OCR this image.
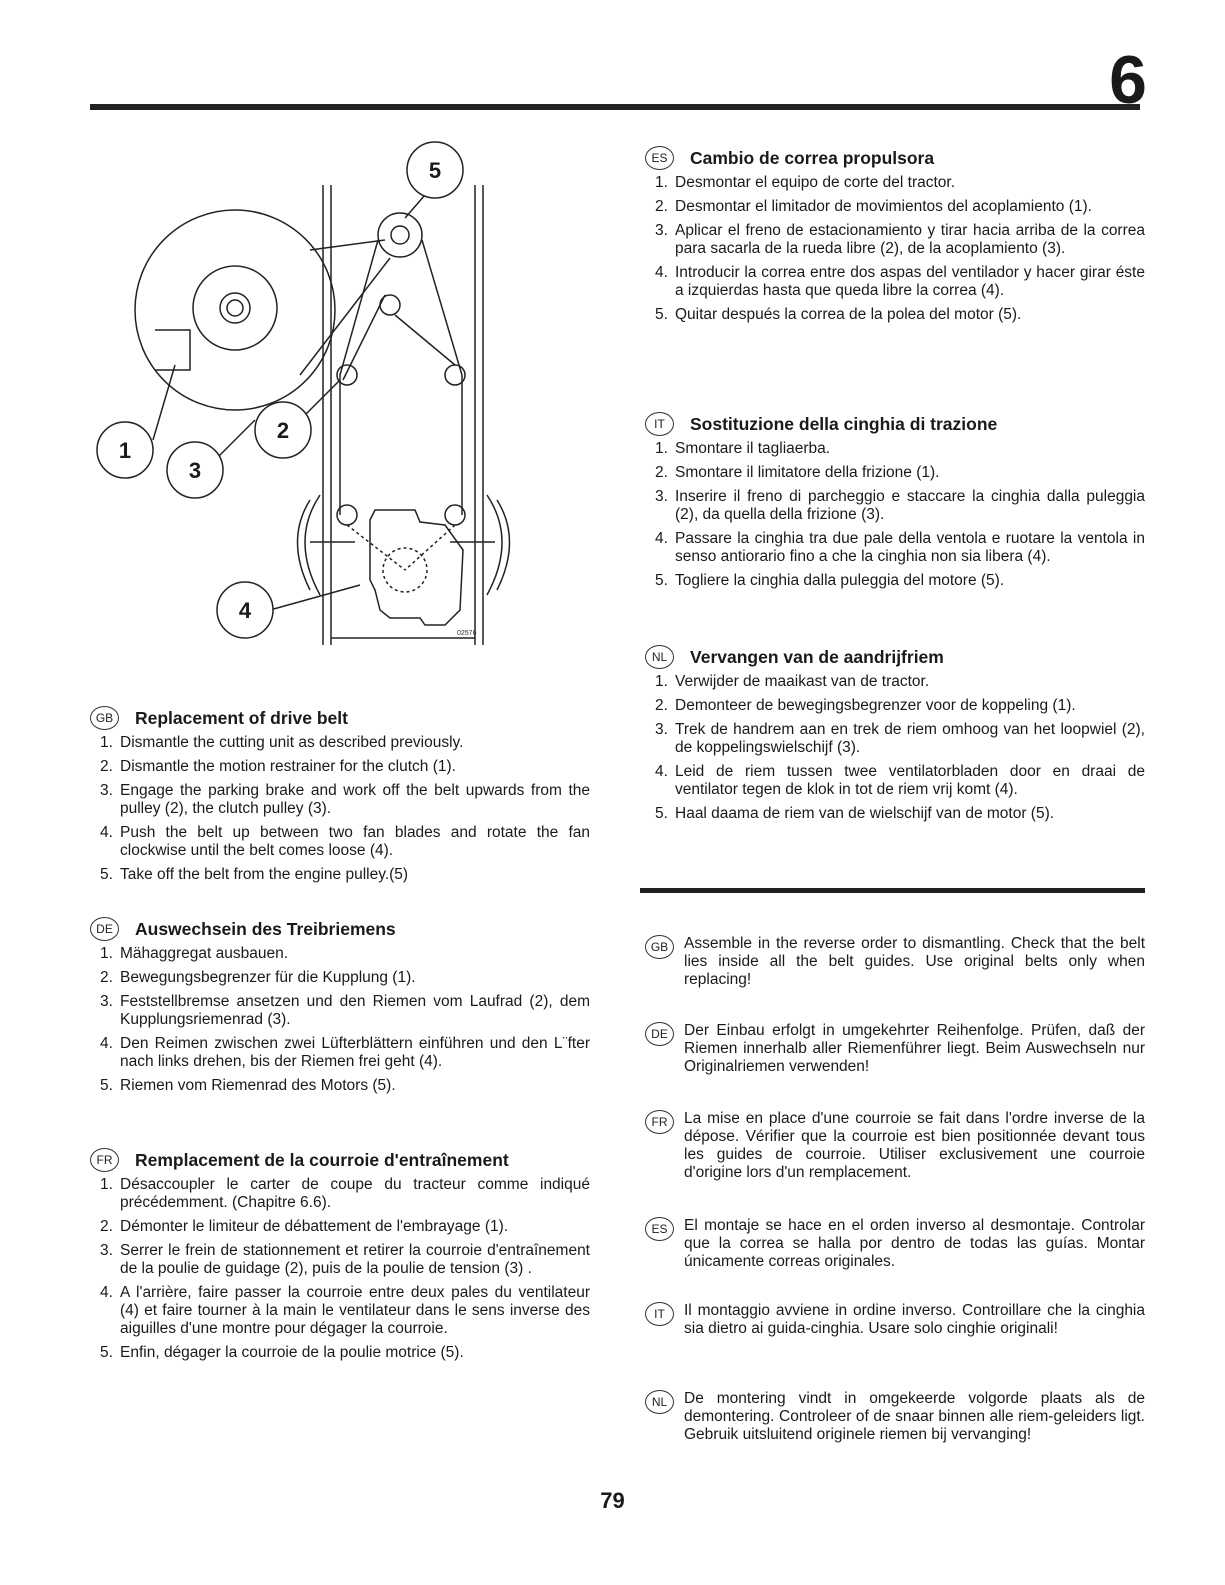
6
1
2
3
4
5
02576
GB	Replacement of drive belt
1. Dismantle the cutting unit as described previously.
2. Dismantle the motion restrainer for the clutch (1).
3. Engage the parking brake and work off the belt upwards from the pulley (2), the clutch pulley (3).
4. Push the belt up between two fan blades and rotate the fan clockwise until the belt comes loose (4).
5. Take off the belt from the engine pulley.(5)
DE	Auswechsein des Treibriemens
1. Mähaggregat ausbauen.
2. Bewegungsbegrenzer für die Kupplung (1).
3. Feststellbremse ansetzen und den Riemen vom Laufrad (2), dem Kupplungsriemenrad (3).
4. Den Reimen zwischen zwei Lüfterblättern einführen und den L¨fter nach links drehen, bis der Riemen frei geht (4).
5. Riemen vom Riemenrad des Motors (5).
FR	Remplacement de la courroie d'entraînement
1. Désaccoupler le carter de coupe du tracteur comme indiqué précédemment. (Chapitre 6.6).
2. Démonter le limiteur de débattement de l'embrayage (1).
3. Serrer le frein de stationnement et retirer la courroie d'entraînement de la poulie de guidage (2), puis de la poulie de tension (3) .
4. A l'arrière, faire passer la courroie entre deux pales du ventilateur (4) et faire tourner à la main le ventilateur dans le sens inverse des aiguilles d'une montre pour dégager la courroie.
5. Enfin, dégager la courroie de la poulie motrice (5).
ES	Cambio de correa propulsora
1. Desmontar el equipo de corte del tractor.
2. Desmontar el limitador de movimientos del acoplamiento (1).
3. Aplicar el freno de estacionamiento y tirar hacia arriba de la correa para sacarla de la rueda libre (2), de la acoplamiento (3).
4. Introducir la correa entre dos aspas del ventilador y hacer girar éste a izquierdas hasta que queda libre la correa (4).
5. Quitar después la correa de la polea del motor (5).
IT	Sostituzione della cinghia di trazione
1. Smontare il tagliaerba.
2. Smontare il limitatore della frizione (1).
3. Inserire il freno di parcheggio e staccare la cinghia dalla puleggia (2), da quella della frizione (3).
4. Passare la cinghia tra due pale della ventola e ruotare la ventola in senso antiorario fino a che la cinghia non sia libera (4).
5. Togliere la cinghia dalla puleggia del motore (5).
NL	Vervangen van de aandrijfriem
1. Verwijder de maaikast van de tractor.
2. Demonteer de bewegingsbegrenzer voor de koppeling (1).
3. Trek de handrem aan en trek de riem omhoog van het loopwiel (2), de koppelingswielschijf (3).
4. Leid de riem tussen twee ventilatorbladen door en draai de ventilator tegen de klok in tot de riem vrij komt (4).
5. Haal daama de riem van de wielschijf van de motor (5).
GB	Assemble in the reverse order to dismantling. Check that the belt lies inside all the belt guides. Use original belts only when replacing!
DE	Der Einbau erfolgt in umgekehrter Reihenfolge. Prüfen, daß der Riemen innerhalb aller Riemenführer liegt. Beim Auswechseln nur Originalriemen verwenden!
FR	La mise en place d'une courroie se fait dans l'ordre inverse de la dépose. Vérifier que la courroie est bien positionnée devant tous les guides de courroie. Utiliser exclusivement une courroie d'origine lors d'un remplacement.
ES	El montaje se hace en el orden inverso al desmontaje. Controlar que la correa se halla por dentro de todas las guías. Montar únicamente correas originales.
IT	Il montaggio avviene in ordine inverso. Controillare che la cinghia sia dietro ai guida-cinghia. Usare solo cinghie originali!
NL	De montering vindt in omgekeerde volgorde plaats als de demontering. Controleer of de snaar binnen alle riem-geleiders ligt. Gebruik uitsluitend originele riemen bij vervanging!
79
